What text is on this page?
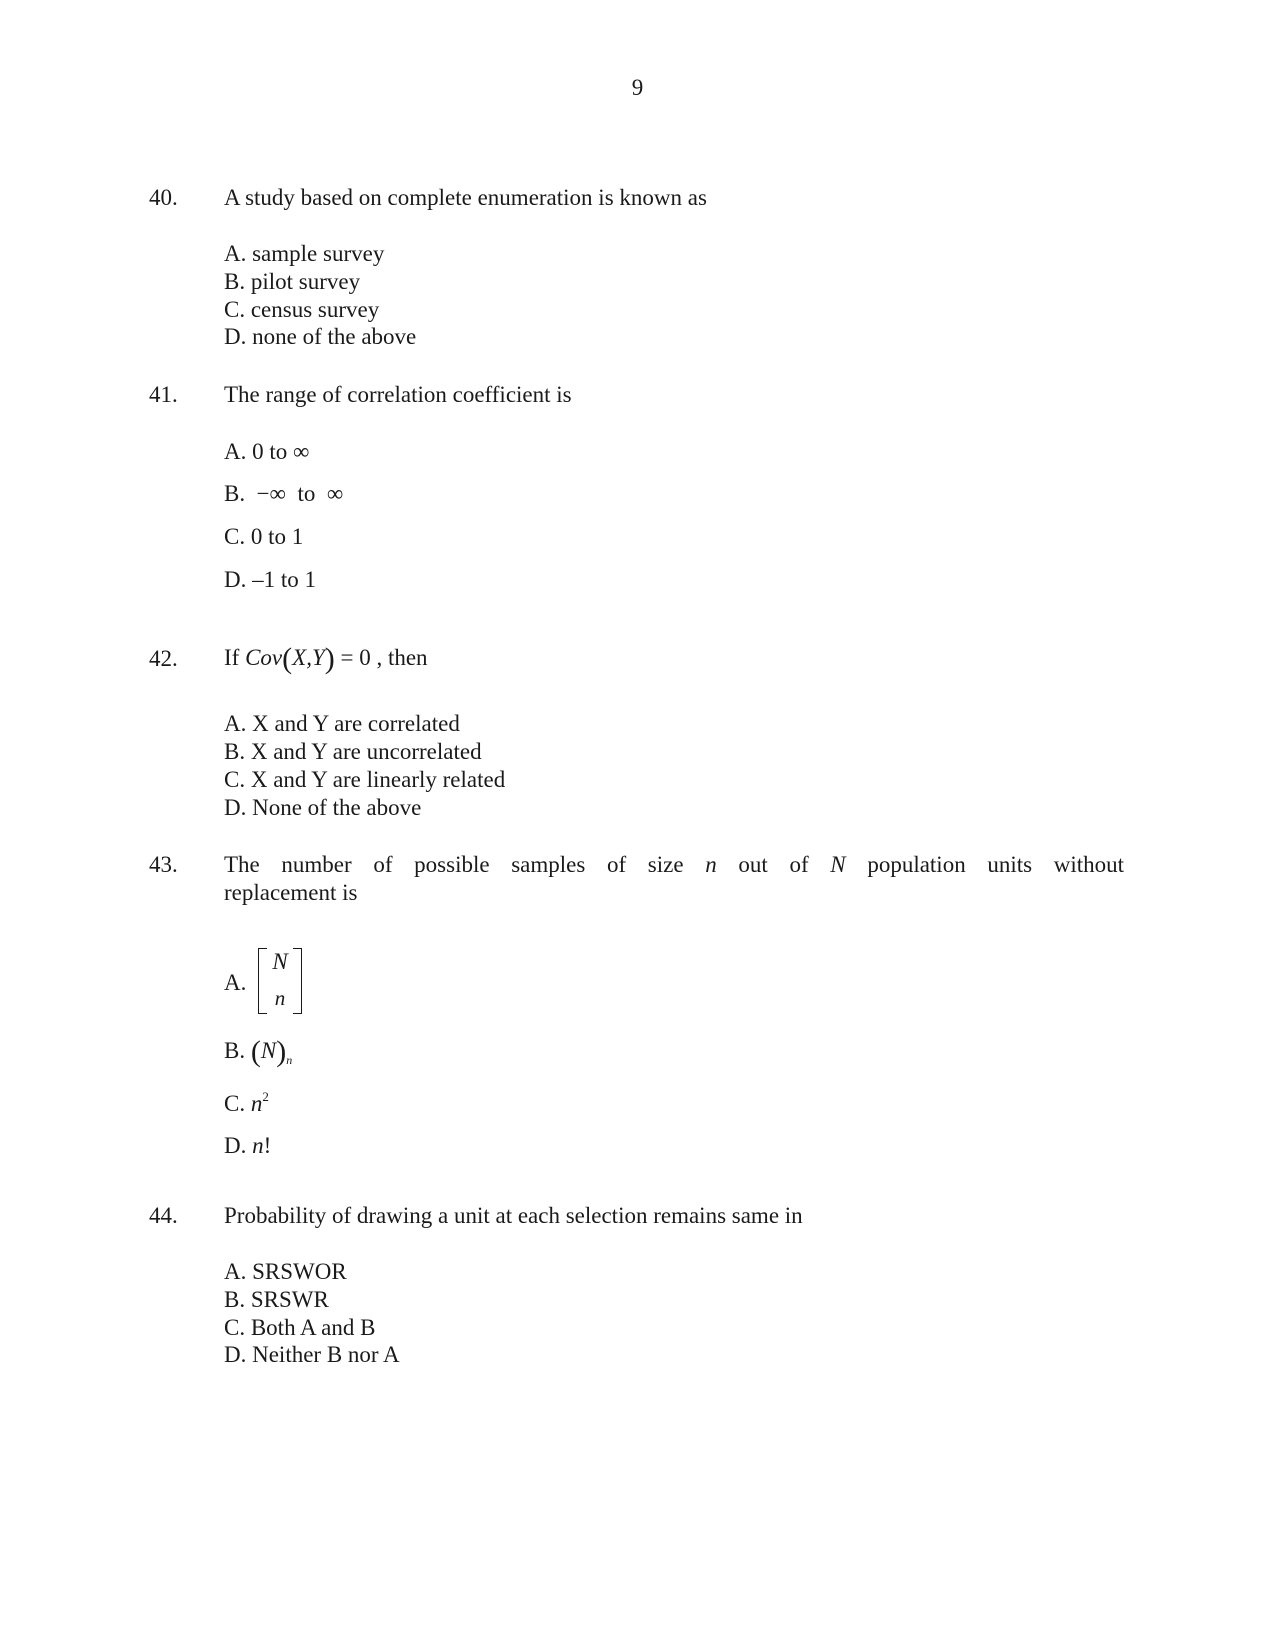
9
40. A study based on complete enumeration is known as
A. sample survey
B. pilot survey
C. census survey
D. none of the above
41. The range of correlation coefficient is
A. 0 to ∞
B.  −∞  to  ∞
C. 0 to 1
D. –1 to 1
42. If Cov(X,Y) = 0 , then
A. X and Y are correlated
B. X and Y are uncorrelated
C. X and Y are linearly related
D. None of the above
43. The number of possible samples of size n out of N population units without
replacement is
A.
N
n
B. $(N)_n$
C. $n^2$
D. n!
44. Probability of drawing a unit at each selection remains same in
A. SRSWOR
B. SRSWR
C. Both A and B
D. Neither B nor A
